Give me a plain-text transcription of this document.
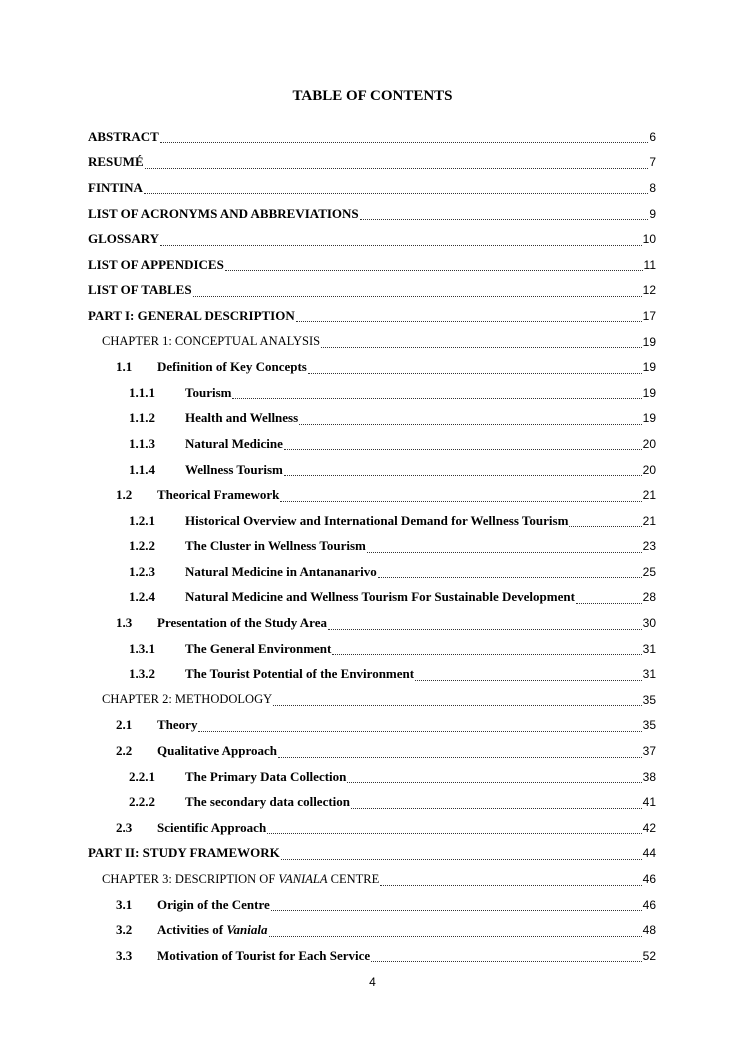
TABLE OF CONTENTS
ABSTRACT	6
RESUMÉ	7
FINTINA	8
LIST OF ACRONYMS AND ABBREVIATIONS	9
GLOSSARY	10
LIST OF APPENDICES	11
LIST OF TABLES	12
PART I: GENERAL DESCRIPTION	17
CHAPTER 1: CONCEPTUAL ANALYSIS	19
1.1	Definition of Key Concepts	19
1.1.1	Tourism	19
1.1.2	Health and Wellness	19
1.1.3	Natural Medicine	20
1.1.4	Wellness Tourism	20
1.2	Theorical Framework	21
1.2.1	Historical Overview and International Demand for Wellness Tourism	21
1.2.2	The Cluster in Wellness Tourism	23
1.2.3	Natural Medicine in Antananarivo	25
1.2.4	Natural Medicine and Wellness Tourism For Sustainable Development	28
1.3	Presentation of the Study Area	30
1.3.1	The General Environment	31
1.3.2	The Tourist Potential of the Environment	31
CHAPTER 2: METHODOLOGY	35
2.1	Theory	35
2.2	Qualitative Approach	37
2.2.1	The Primary Data Collection	38
2.2.2	The secondary data collection	41
2.3	Scientific Approach	42
PART II: STUDY FRAMEWORK	44
CHAPTER 3: DESCRIPTION OF VANIALA CENTRE	46
3.1	Origin of the Centre	46
3.2	Activities of Vaniala	48
3.3	Motivation of Tourist for Each Service	52
4
